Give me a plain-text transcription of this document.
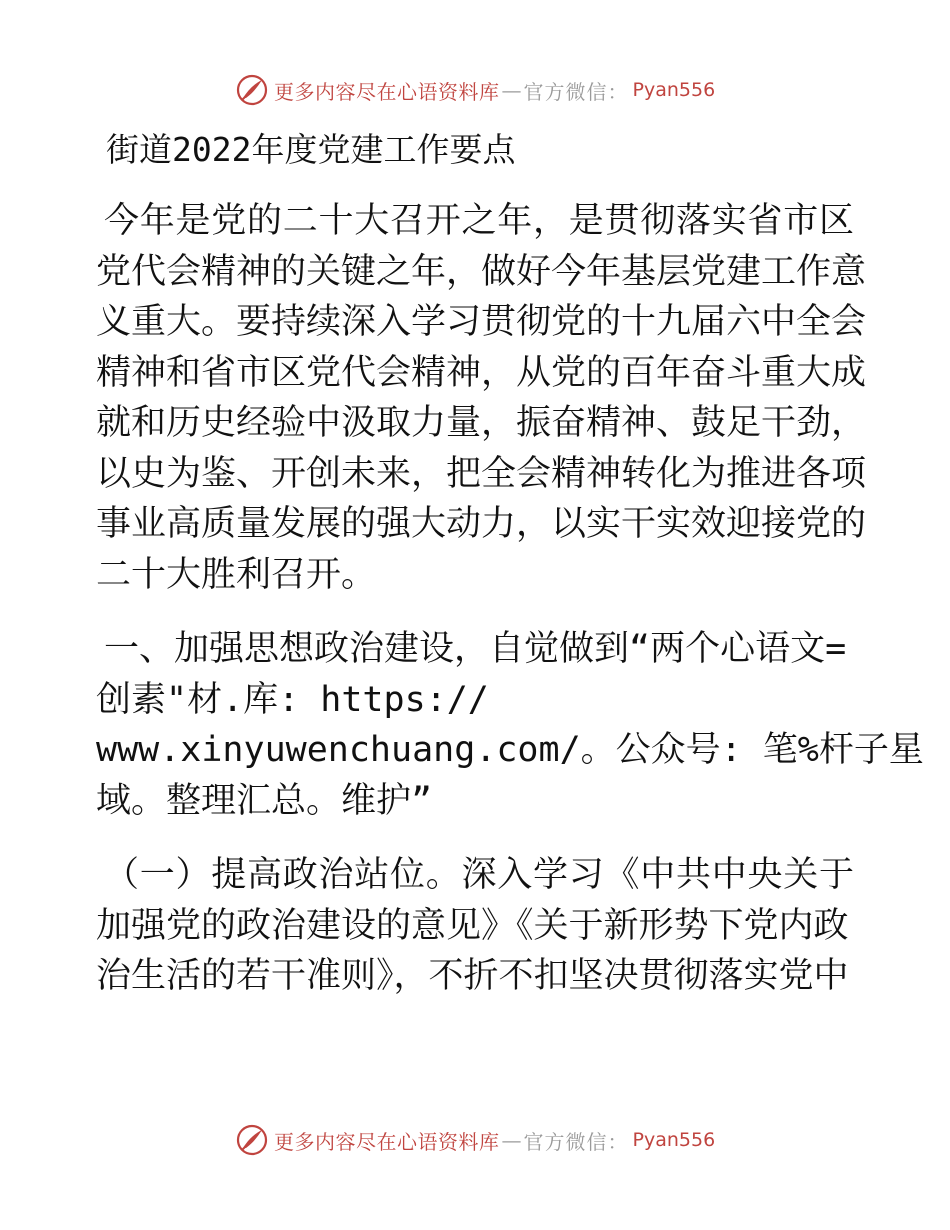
更多内容尽在心语资料库 — 官方微信： Pyan556
街道2022年度党建工作要点
今年是党的二十大召开之年，是贯彻落实省市区
党代会精神的关键之年，做好今年基层党建工作意
义重大。要持续深入学习贯彻党的十九届六中全会
精神和省市区党代会精神，从党的百年奋斗重大成
就和历史经验中汲取力量，振奋精神、鼓足干劲，
以史为鉴、开创未来，把全会精神转化为推进各项
事业高质量发展的强大动力，以实干实效迎接党的
二十大胜利召开。
一、加强思想政治建设，自觉做到“两个心语文=
创素"材.库: https://
www.xinyuwenchuang.com/。公众号: 笔%杆子星
域。整理汇总。维护”
（一）提高政治站位。深入学习《中共中央关于
加强党的政治建设的意见》《关于新形势下党内政
治生活的若干准则》，不折不扣坚决贯彻落实党中
更多内容尽在心语资料库 — 官方微信： Pyan556
